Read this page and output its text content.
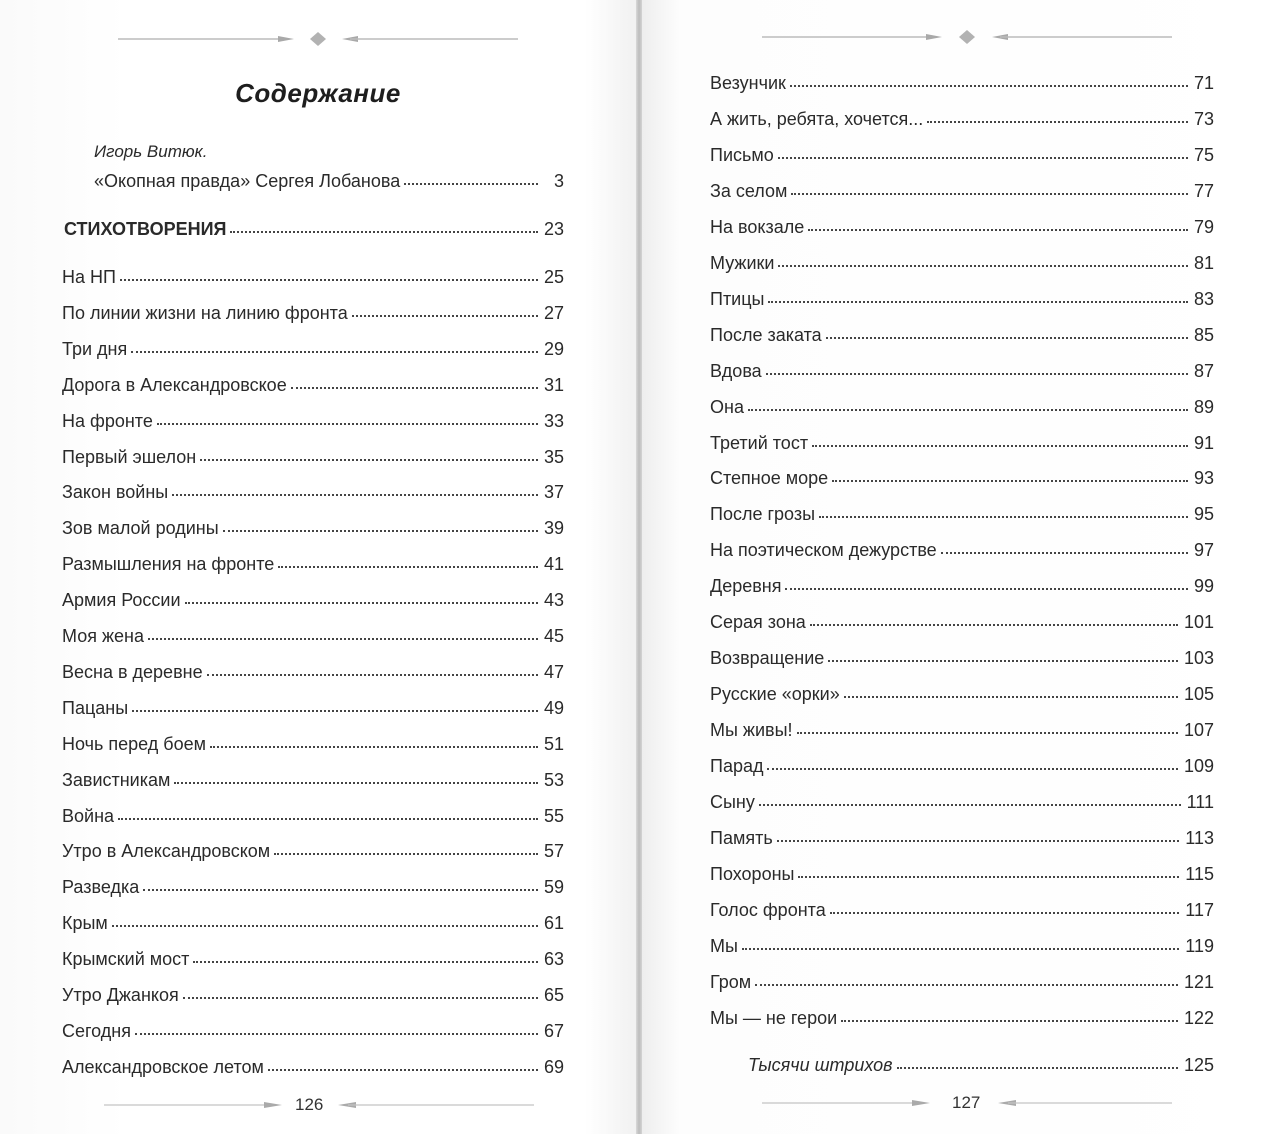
Содержание
Игорь Витюк.
«Окопная правда» Сергея Лобанова	3
СТИХОТВОРЕНИЯ	23
На НП	25
По линии жизни на линию фронта	27
Три дня	29
Дорога в Александровское	31
На фронте	33
Первый эшелон	35
Закон войны	37
Зов малой родины	39
Размышления на фронте	41
Армия России	43
Моя жена	45
Весна в деревне	47
Пацаны	49
Ночь перед боем	51
Завистникам	53
Война	55
Утро в Александровском	57
Разведка	59
Крым	61
Крымский мост	63
Утро Джанкоя	65
Сегодня	67
Александровское летом	69
126
Везунчик	71
А жить, ребята, хочется...	73
Письмо	75
За селом	77
На вокзале	79
Мужики	81
Птицы	83
После заката	85
Вдова	87
Она	89
Третий тост	91
Степное море	93
После грозы	95
На поэтическом дежурстве	97
Деревня	99
Серая зона	101
Возвращение	103
Русские «орки»	105
Мы живы!	107
Парад	109
Сыну	111
Память	113
Похороны	115
Голос фронта	117
Мы	119
Гром	121
Мы — не герои	122
Тысячи штрихов	125
127
